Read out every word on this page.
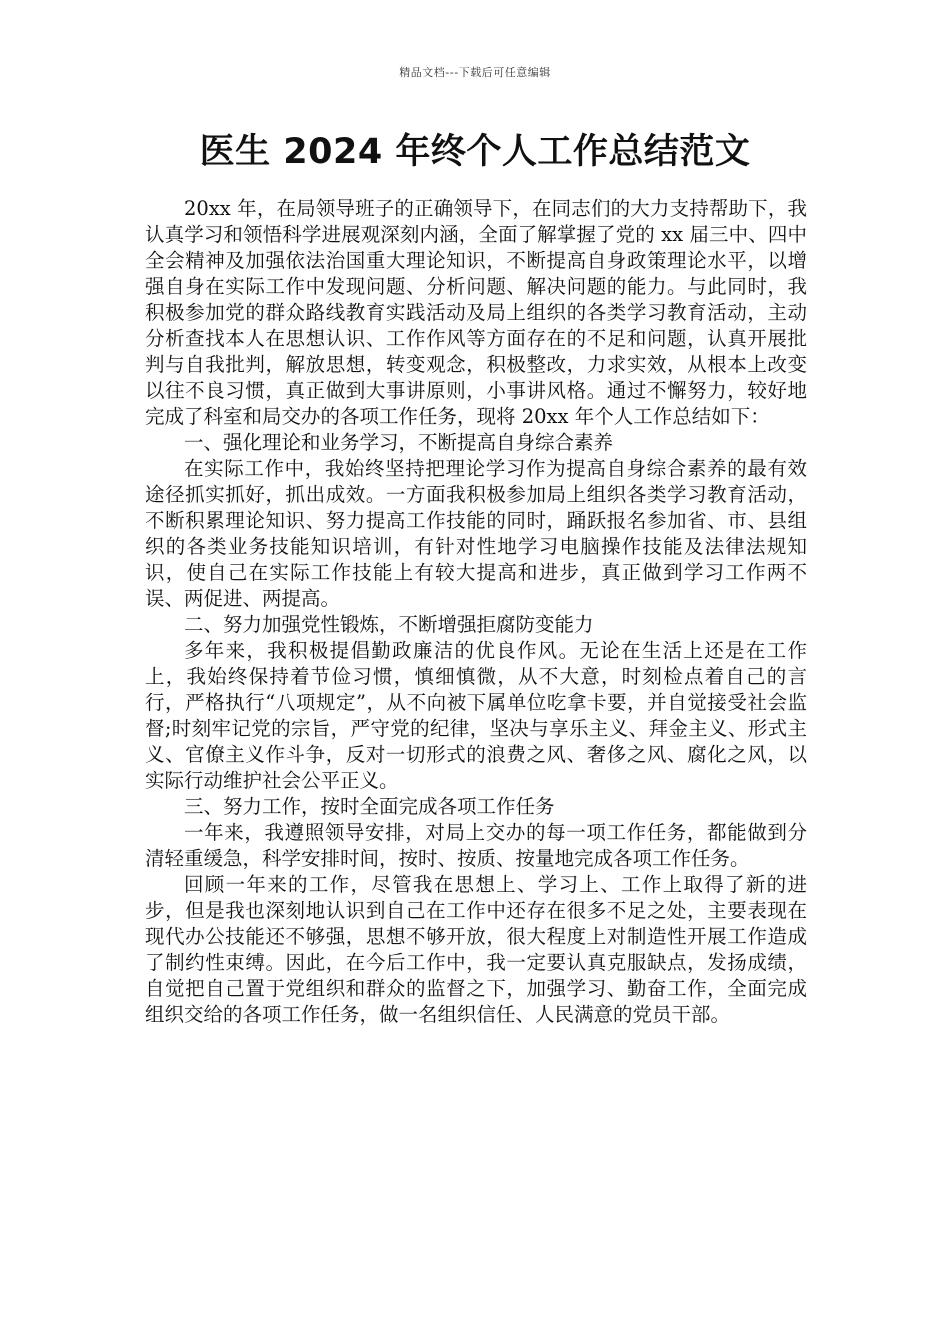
精品文档---下载后可任意编辑
医生 2024 年终个人工作总结范文

20xx 年，在局领导班子的正确领导下，在同志们的大力支持帮助下，我认真学习和领悟科学进展观深刻内涵，全面了解掌握了党的 xx 届三中、四中全会精神及加强依法治国重大理论知识，不断提高自身政策理论水平，以增强自身在实际工作中发现问题、分析问题、解决问题的能力。与此同时，我积极参加党的群众路线教育实践活动及局上组织的各类学习教育活动，主动分析查找本人在思想认识、工作作风等方面存在的不足和问题，认真开展批判与自我批判，解放思想，转变观念，积极整改，力求实效，从根本上改变以往不良习惯，真正做到大事讲原则，小事讲风格。通过不懈努力，较好地完成了科室和局交办的各项工作任务，现将 20xx 年个人工作总结如下：

一、强化理论和业务学习，不断提高自身综合素养

在实际工作中，我始终坚持把理论学习作为提高自身综合素养的最有效途径抓实抓好，抓出成效。一方面我积极参加局上组织各类学习教育活动，不断积累理论知识、努力提高工作技能的同时，踊跃报名参加省、市、县组织的各类业务技能知识培训，有针对性地学习电脑操作技能及法律法规知识，使自己在实际工作技能上有较大提高和进步，真正做到学习工作两不误、两促进、两提高。

二、努力加强党性锻炼，不断增强拒腐防变能力

多年来，我积极提倡勤政廉洁的优良作风。无论在生活上还是在工作上，我始终保持着节俭习惯，慎细慎微，从不大意，时刻检点着自己的言行，严格执行“八项规定”，从不向被下属单位吃拿卡要，并自觉接受社会监督;时刻牢记党的宗旨，严守党的纪律，坚决与享乐主义、拜金主义、形式主义、官僚主义作斗争，反对一切形式的浪费之风、奢侈之风、腐化之风，以实际行动维护社会公平正义。

三、努力工作，按时全面完成各项工作任务

一年来，我遵照领导安排，对局上交办的每一项工作任务，都能做到分清轻重缓急，科学安排时间，按时、按质、按量地完成各项工作任务。

回顾一年来的工作，尽管我在思想上、学习上、工作上取得了新的进步，但是我也深刻地认识到自己在工作中还存在很多不足之处，主要表现在现代办公技能还不够强，思想不够开放，很大程度上对制造性开展工作造成了制约性束缚。因此，在今后工作中，我一定要认真克服缺点，发扬成绩，自觉把自己置于党组织和群众的监督之下，加强学习、勤奋工作，全面完成组织交给的各项工作任务，做一名组织信任、人民满意的党员干部。
